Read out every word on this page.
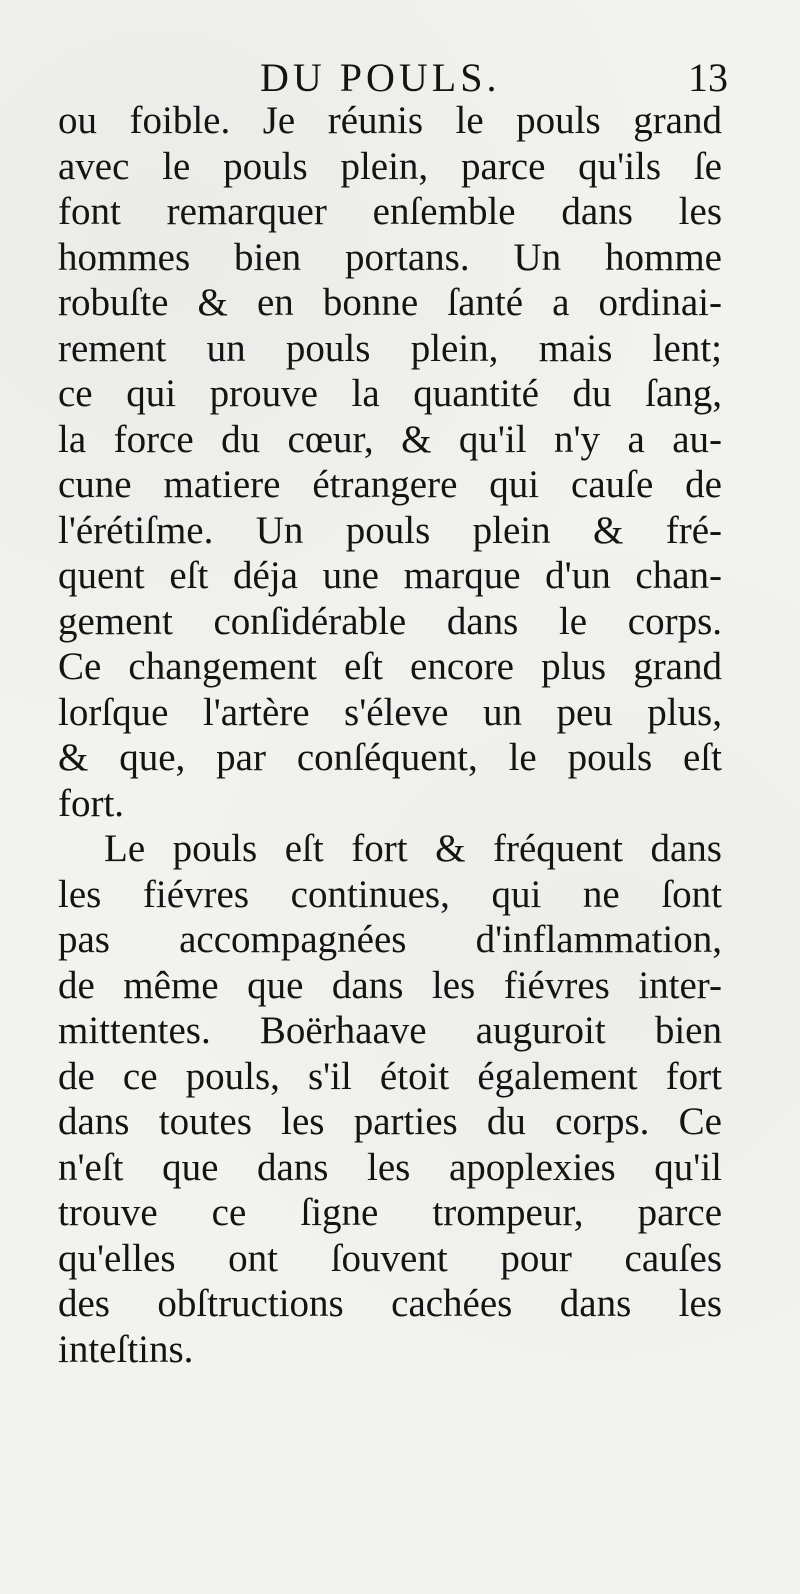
DU POULS.	13
ou foible. Je réunis le pouls grand
avec le pouls plein, parce qu'ils ſe
font remarquer enſemble dans les
hommes bien portans. Un homme
robuſte & en bonne ſanté a ordinai-
rement un pouls plein, mais lent;
ce qui prouve la quantité du ſang,
la force du cœur, & qu'il n'y a au-
cune matiere étrangere qui cauſe de
l'érétiſme. Un pouls plein & fré-
quent eſt déja une marque d'un chan-
gement conſidérable dans le corps.
Ce changement eſt encore plus grand
lorſque l'artère s'éleve un peu plus,
& que, par conſéquent, le pouls eſt
fort.
Le pouls eſt fort & fréquent dans
les fiévres continues, qui ne ſont
pas accompagnées d'inflammation,
de même que dans les fiévres inter-
mittentes. Boërhaave auguroit bien
de ce pouls, s'il étoit également fort
dans toutes les parties du corps. Ce
n'eſt que dans les apoplexies qu'il
trouve ce ſigne trompeur, parce
qu'elles ont ſouvent pour cauſes
des obſtructions cachées dans les
inteſtins.
